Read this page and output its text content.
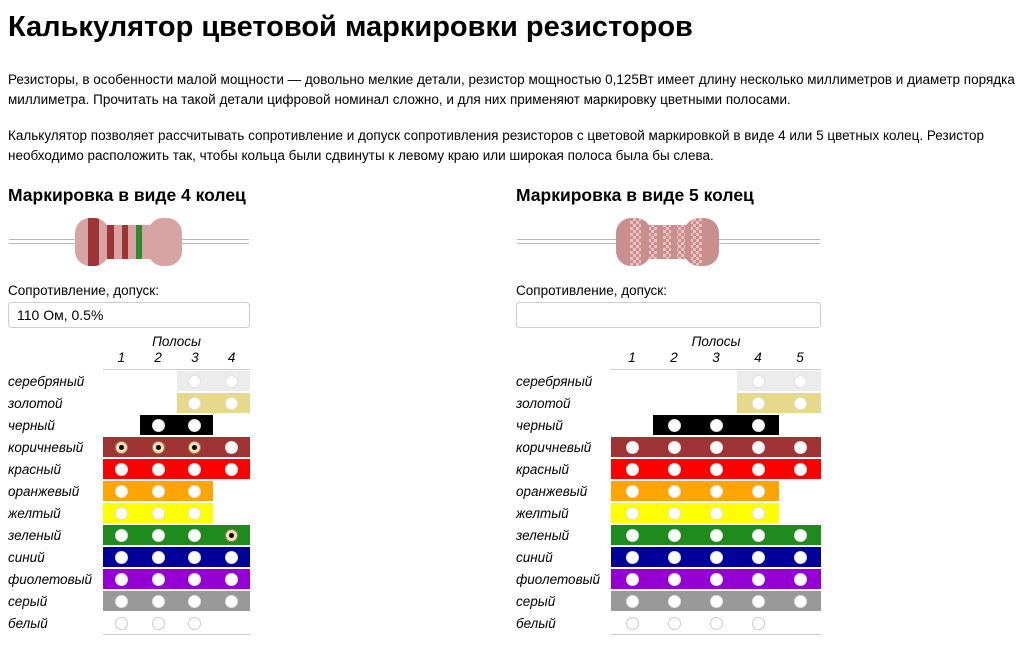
Калькулятор цветовой маркировки резисторов

Резисторы, в особенности малой мощности — довольно мелкие детали, резистор мощностью 0,125Вт имеет длину несколько миллиметров и диаметр порядка миллиметра. Прочитать на такой детали цифровой номинал сложно, и для них применяют маркировку цветными полосами.

Калькулятор позволяет рассчитывать сопротивление и допуск сопротивления резисторов с цветовой маркировкой в виде 4 или 5 цветных колец. Резистор необходимо расположить так, чтобы кольца были сдвинуты к левому краю или широкая полоса была бы слева.

Маркировка в виде 4 колец
Сопротивление, допуск:
110 Ом, 0.5%
Полосы
1	2	3	4
серебряный
золотой
черный
коричневый
красный
оранжевый
желтый
зеленый
синий
фиолетовый
серый
белый
Маркировка в виде 5 колец
Сопротивление, допуск:
Полосы
1	2	3	4	5
серебряный
золотой
черный
коричневый
красный
оранжевый
желтый
зеленый
синий
фиолетовый
серый
белый
